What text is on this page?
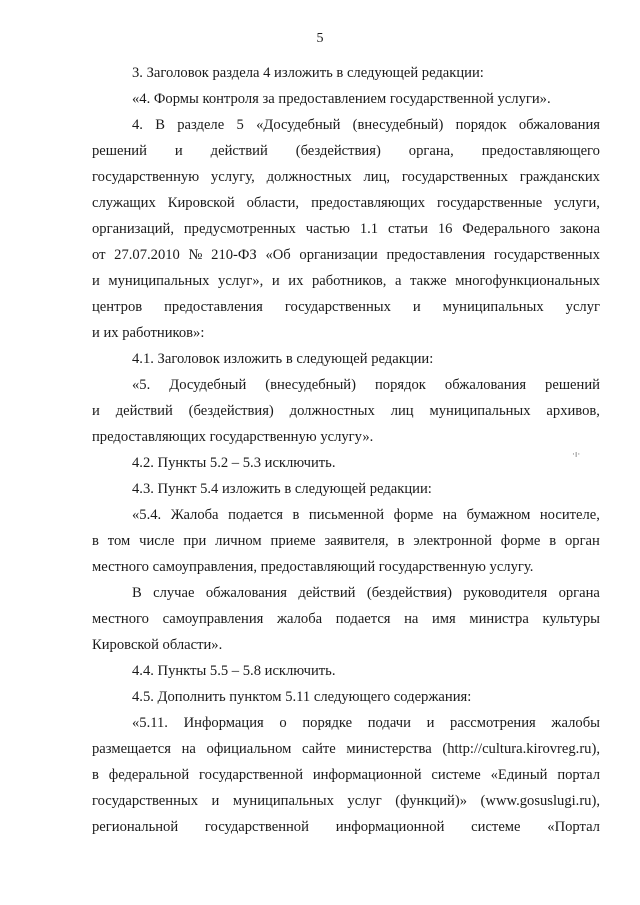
5
3. Заголовок раздела 4 изложить в следующей редакции:
«4. Формы контроля за предоставлением государственной услуги».
4. В разделе 5 «Досудебный (внесудебный) порядок обжалования
решений и действий (бездействия) органа, предоставляющего
государственную услугу, должностных лиц, государственных гражданских
служащих Кировской области, предоставляющих государственные услуги,
организаций, предусмотренных частью 1.1 статьи 16 Федерального закона
от 27.07.2010 № 210-ФЗ «Об организации предоставления государственных
и муниципальных услуг», и их работников, а также многофункциональных
центров предоставления государственных и муниципальных услуг
и их работников»:
4.1. Заголовок изложить в следующей редакции:
«5. Досудебный (внесудебный) порядок обжалования решений
и действий (бездействия) должностных лиц муниципальных архивов,
предоставляющих государственную услугу».
4.2. Пункты 5.2 – 5.3 исключить.
4.3. Пункт 5.4 изложить в следующей редакции:
«5.4. Жалоба подается в письменной форме на бумажном носителе,
в том числе при личном приеме заявителя, в электронной форме в орган
местного самоуправления, предоставляющий государственную услугу.
В случае обжалования действий (бездействия) руководителя органа
местного самоуправления жалоба подается на имя министра культуры
Кировской области».
4.4. Пункты 5.5 – 5.8 исключить.
4.5. Дополнить пунктом 5.11 следующего содержания:
«5.11. Информация о порядке подачи и рассмотрения жалобы
размещается на официальном сайте министерства (http://cultura.kirovreg.ru),
в федеральной государственной информационной системе «Единый портал
государственных и муниципальных услуг (функций)» (www.gosuslugi.ru),
региональной государственной информационной системе «Портал
·ı·
